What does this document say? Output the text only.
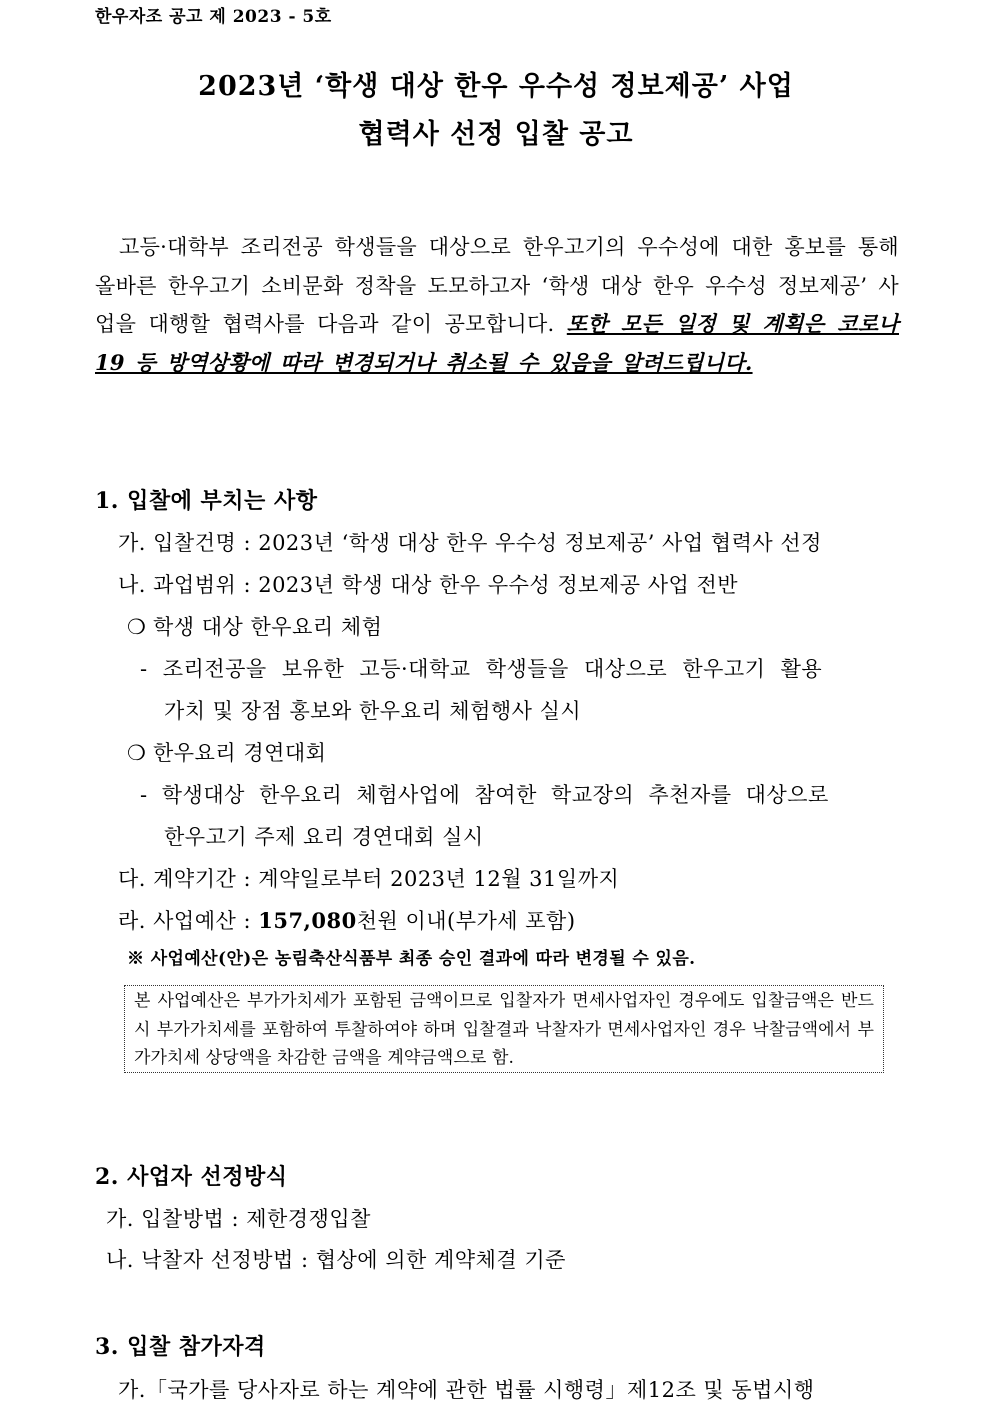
한우자조 공고 제 2023 - 5호
2023년 ‘학생 대상 한우 우수성 정보제공’ 사업
협력사 선정 입찰 공고
고등·대학부 조리전공 학생들을 대상으로 한우고기의 우수성에 대한 홍보를 통해 올바른 한우고기 소비문화 정착을 도모하고자 ‘학생 대상 한우 우수성 정보제공’ 사업을 대행할 협력사를 다음과 같이 공모합니다. 또한 모든 일정 및 계획은 코로나19 등 방역상황에 따라 변경되거나 취소될 수 있음을 알려드립니다.
1. 입찰에 부치는 사항
가. 입찰건명 : 2023년 ‘학생 대상 한우 우수성 정보제공’ 사업 협력사 선정
나. 과업범위 : 2023년 학생 대상 한우 우수성 정보제공 사업 전반
❍ 학생 대상 한우요리 체험
- 조리전공을 보유한 고등·대학교 학생들을 대상으로 한우고기 활용
가치 및 장점 홍보와 한우요리 체험행사 실시
❍ 한우요리 경연대회
- 학생대상 한우요리 체험사업에 참여한 학교장의 추천자를 대상으로
한우고기 주제 요리 경연대회 실시
다. 계약기간 : 계약일로부터 2023년 12월 31일까지
라. 사업예산 : 157,080천원 이내(부가세 포함)
※ 사업예산(안)은 농림축산식품부 최종 승인 결과에 따라 변경될 수 있음.
본 사업예산은 부가가치세가 포함된 금액이므로 입찰자가 면세사업자인 경우에도 입찰금액은 반드시 부가가치세를 포함하여 투찰하여야 하며 입찰결과 낙찰자가 면세사업자인 경우 낙찰금액에서 부가가치세 상당액을 차감한 금액을 계약금액으로 함.
2. 사업자 선정방식
가. 입찰방법 : 제한경쟁입찰
나. 낙찰자 선정방법 : 협상에 의한 계약체결 기준
3. 입찰 참가자격
가.「국가를 당사자로 하는 계약에 관한 법률 시행령」제12조 및 동법시행
